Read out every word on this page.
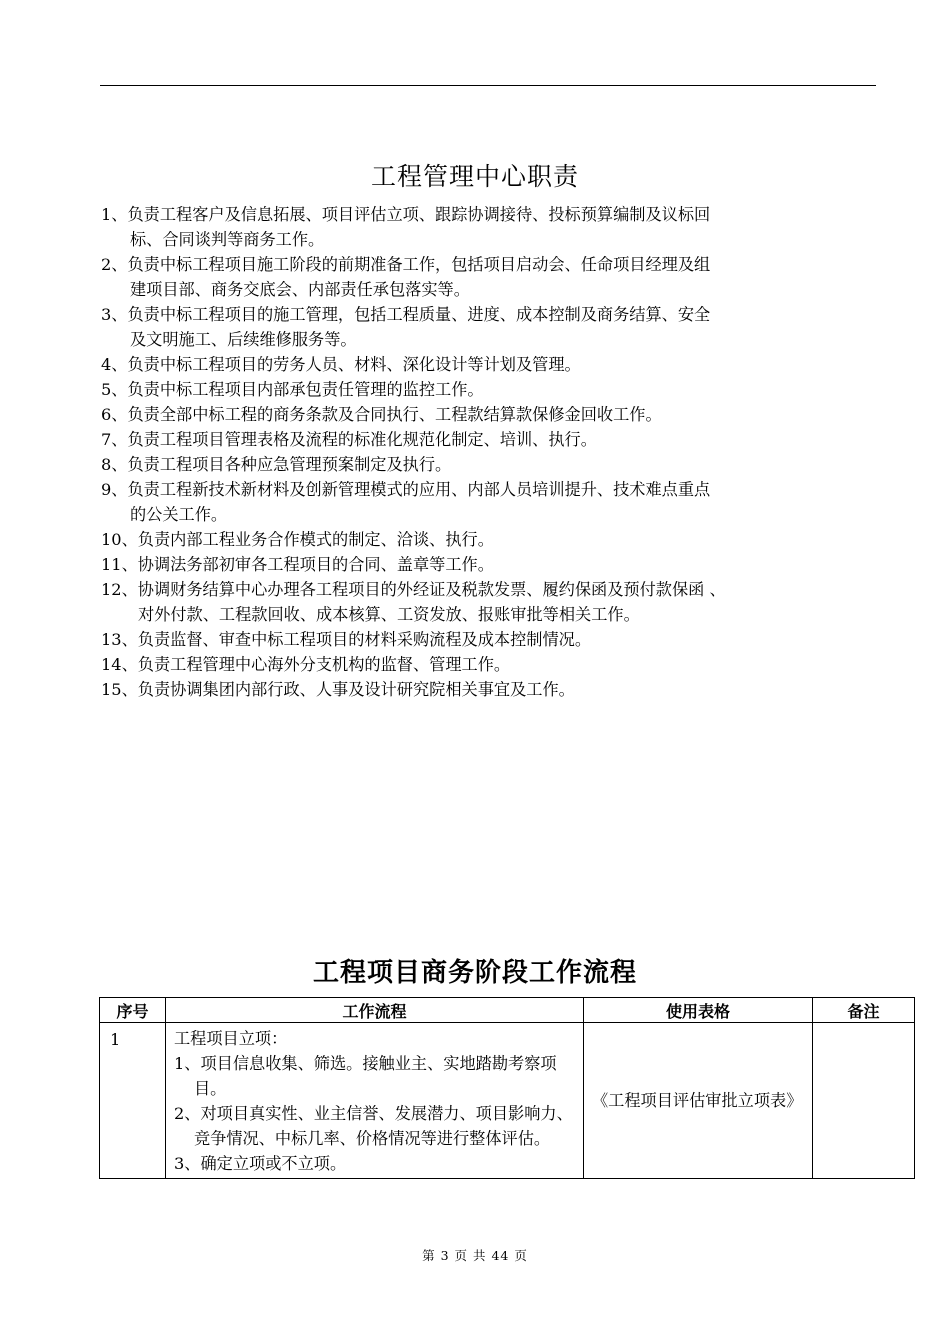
工程管理中心职责
1、负责工程客户及信息拓展、项目评估立项、跟踪协调接待、投标预算编制及议标回
标、合同谈判等商务工作。
2、负责中标工程项目施工阶段的前期准备工作，包括项目启动会、任命项目经理及组
建项目部、商务交底会、内部责任承包落实等。
3、负责中标工程项目的施工管理，包括工程质量、进度、成本控制及商务结算、安全
及文明施工、后续维修服务等。
4、负责中标工程项目的劳务人员、材料、深化设计等计划及管理。
5、负责中标工程项目内部承包责任管理的监控工作。
6、负责全部中标工程的商务条款及合同执行、工程款结算款保修金回收工作。
7、负责工程项目管理表格及流程的标准化规范化制定、培训、执行。
8、负责工程项目各种应急管理预案制定及执行。
9、负责工程新技术新材料及创新管理模式的应用、内部人员培训提升、技术难点重点
的公关工作。
10、负责内部工程业务合作模式的制定、洽谈、执行。
11、协调法务部初审各工程项目的合同、盖章等工作。
12、协调财务结算中心办理各工程项目的外经证及税款发票、履约保函及预付款保函 、
对外付款、工程款回收、成本核算、工资发放、报账审批等相关工作。
13、负责监督、审查中标工程项目的材料采购流程及成本控制情况。
14、负责工程管理中心海外分支机构的监督、管理工作。
15、负责协调集团内部行政、人事及设计研究院相关事宜及工作。
工程项目商务阶段工作流程
序号	工作流程	使用表格	备注
1	工程项目立项：
1、项目信息收集、筛选。接触业主、实地踏勘考察项目。
2、对项目真实性、业主信誉、发展潜力、项目影响力、竞争情况、中标几率、价格情况等进行整体评估。
3、确定立项或不立项。	《工程项目评估审批立项表》	
第 3 页 共 44 页
